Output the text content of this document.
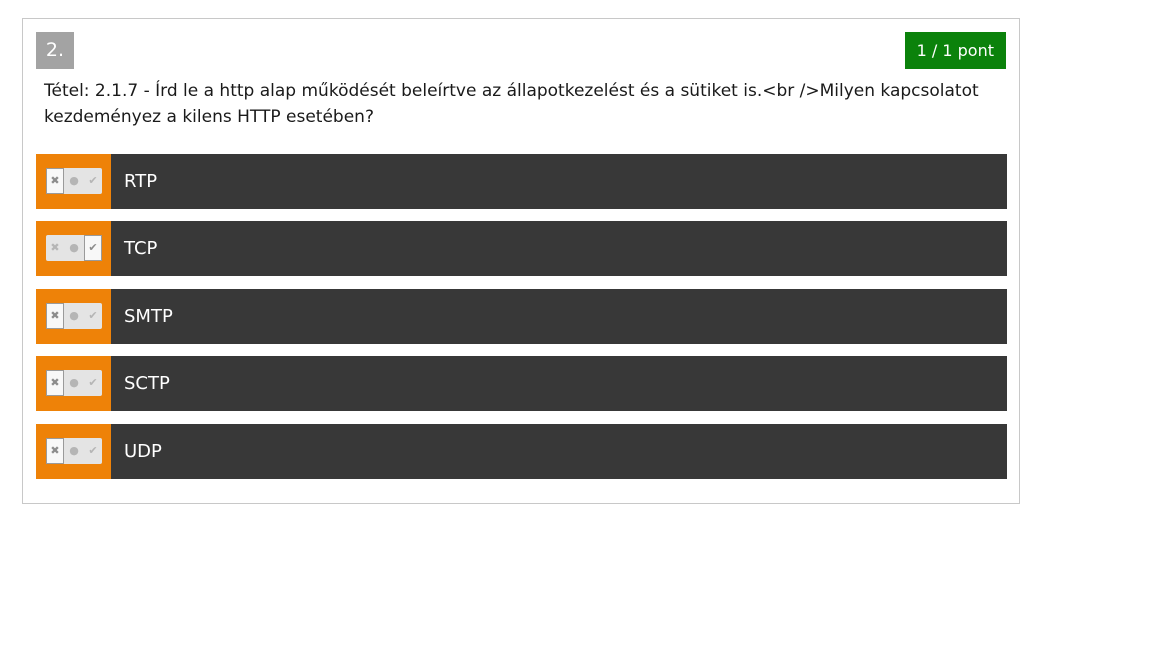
2.	1 / 1 pont
Tétel: 2.1.7 - Írd le a http alap működését beleírtve az állapotkezelést és a sütiket is.<br />Milyen kapcsolatot kezdeményez a kilens HTTP esetében?
✖ ● ✔ RTP
✖ ● ✔ TCP
✖ ● ✔ SMTP
✖ ● ✔ SCTP
✖ ● ✔ UDP
